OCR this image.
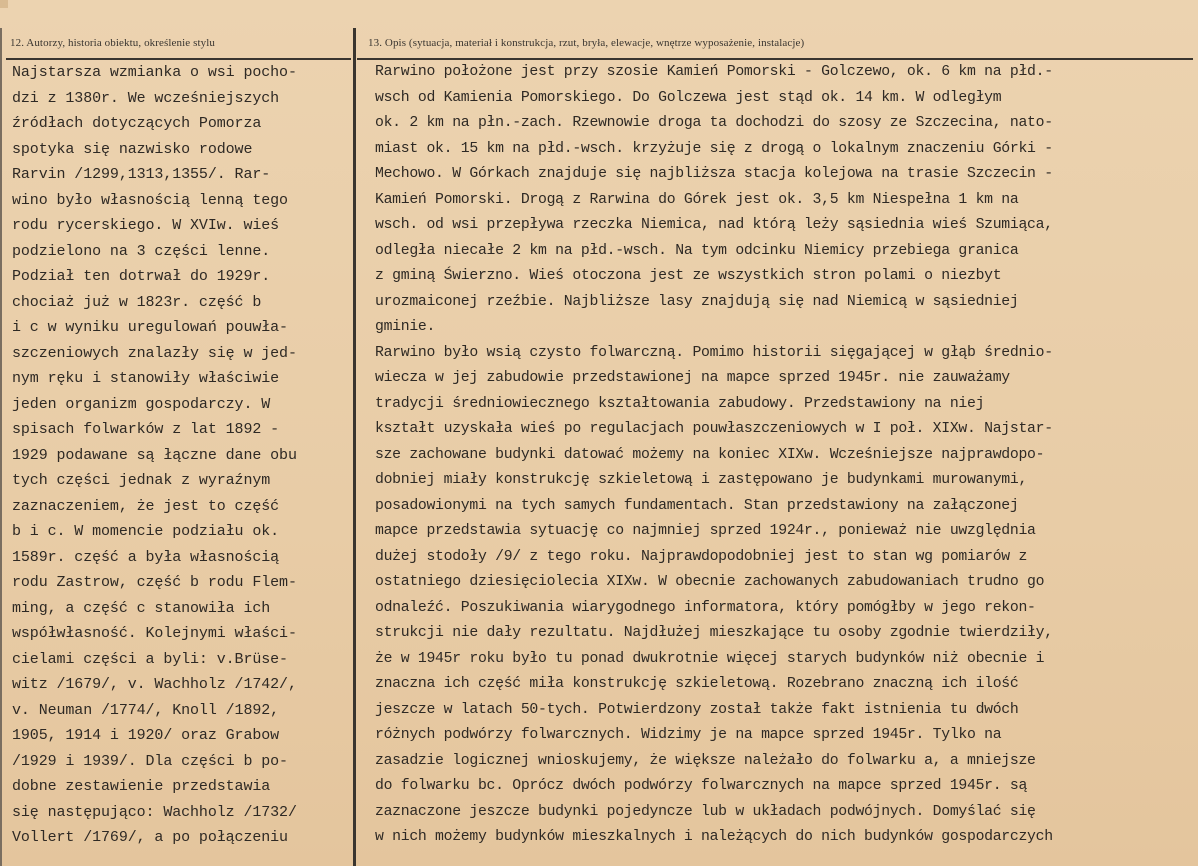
12. Autorzy, historia obiektu, określenie stylu	13. Opis (sytuacja, materiał i konstrukcja, rzut, bryła, elewacje, wnętrze wyposażenie, instalacje)
Najstarsza wzmianka o wsi pocho-
dzi z 1380r. We wcześniejszych
źródłach dotyczących Pomorza
spotyka się nazwisko rodowe
Rarvin /1299,1313,1355/. Rar-
wino było własnością lenną tego
rodu rycerskiego. W XVIw. wieś
podzielono na 3 części lenne.
Podział ten dotrwał do 1929r.
chociaż już w 1823r. część b
i c w wyniku uregulowań pouwła-
szczeniowych znalazły się w jed-
nym ręku i stanowiły właściwie
jeden organizm gospodarczy. W
spisach folwarków z lat 1892 -
1929 podawane są łączne dane obu
tych części jednak z wyraźnym
zaznaczeniem, że jest to część
b i c. W momencie podziału ok.
1589r. część a była własnością
rodu Zastrow, część b rodu Flem-
ming, a część c stanowiła ich
współwłasność. Kolejnymi właści-
cielami części a byli: v.Brüse-
witz /1679/, v. Wachholz /1742/,
v. Neuman /1774/, Knoll /1892,
1905, 1914 i 1920/ oraz Grabow
/1929 i 1939/. Dla części b po-
dobne zestawienie przedstawia
się następująco: Wachholz /1732/
Vollert /1769/, a po połączeniu
Rarwino położone jest przy szosie Kamień Pomorski - Golczewo, ok. 6 km na płd.-
wsch od Kamienia Pomorskiego. Do Golczewa jest stąd ok. 14 km. W odległym
ok. 2 km na płn.-zach. Rzewnowie droga ta dochodzi do szosy ze Szczecina, nato-
miast ok. 15 km na płd.-wsch. krzyżuje się z drogą o lokalnym znaczeniu Górki -
Mechowo. W Górkach znajduje się najbliższa stacja kolejowa na trasie Szczecin -
Kamień Pomorski. Drogą z Rarwina do Górek jest ok. 3,5 km Niespełna 1 km na
wsch. od wsi przepływa rzeczka Niemica, nad którą leży sąsiednia wieś Szumiąca,
odległa niecałe 2 km na płd.-wsch. Na tym odcinku Niemicy przebiega granica
z gminą Świerzno. Wieś otoczona jest ze wszystkich stron polami o niezbyt
urozmaiconej rzeźbie. Najbliższe lasy znajdują się nad Niemicą w sąsiedniej
gminie.
Rarwino było wsią czysto folwarczną. Pomimo historii sięgającej w głąb średnio-
wiecza w jej zabudowie przedstawionej na mapce sprzed 1945r. nie zauważamy
tradycji średniowiecznego kształtowania zabudowy. Przedstawiony na niej
kształt uzyskała wieś po regulacjach pouwłaszczeniowych w I poł. XIXw. Najstar-
sze zachowane budynki datować możemy na koniec XIXw. Wcześniejsze najprawdopo-
dobniej miały konstrukcję szkieletową i zastępowano je budynkami murowanymi,
posadowionymi na tych samych fundamentach. Stan przedstawiony na załączonej
mapce przedstawia sytuację co najmniej sprzed 1924r., ponieważ nie uwzględnia
dużej stodoły /9/ z tego roku. Najprawdopodobniej jest to stan wg pomiarów z
ostatniego dziesięciolecia XIXw. W obecnie zachowanych zabudowaniach trudno go
odnaleźć. Poszukiwania wiarygodnego informatora, który pomógłby w jego rekon-
strukcji nie dały rezultatu. Najdłużej mieszkające tu osoby zgodnie twierdziły,
że w 1945r roku było tu ponad dwukrotnie więcej starych budynków niż obecnie i
znaczna ich część miła konstrukcję szkieletową. Rozebrano znaczną ich ilość
jeszcze w latach 50-tych. Potwierdzony został także fakt istnienia tu dwóch
różnych podwórzy folwarcznych. Widzimy je na mapce sprzed 1945r. Tylko na
zasadzie logicznej wnioskujemy, że większe należało do folwarku a, a mniejsze
do folwarku bc. Oprócz dwóch podwórzy folwarcznych na mapce sprzed 1945r. są
zaznaczone jeszcze budynki pojedyncze lub w układach podwójnych. Domyślać się
w nich możemy budynków mieszkalnych i należących do nich budynków gospodarczych
